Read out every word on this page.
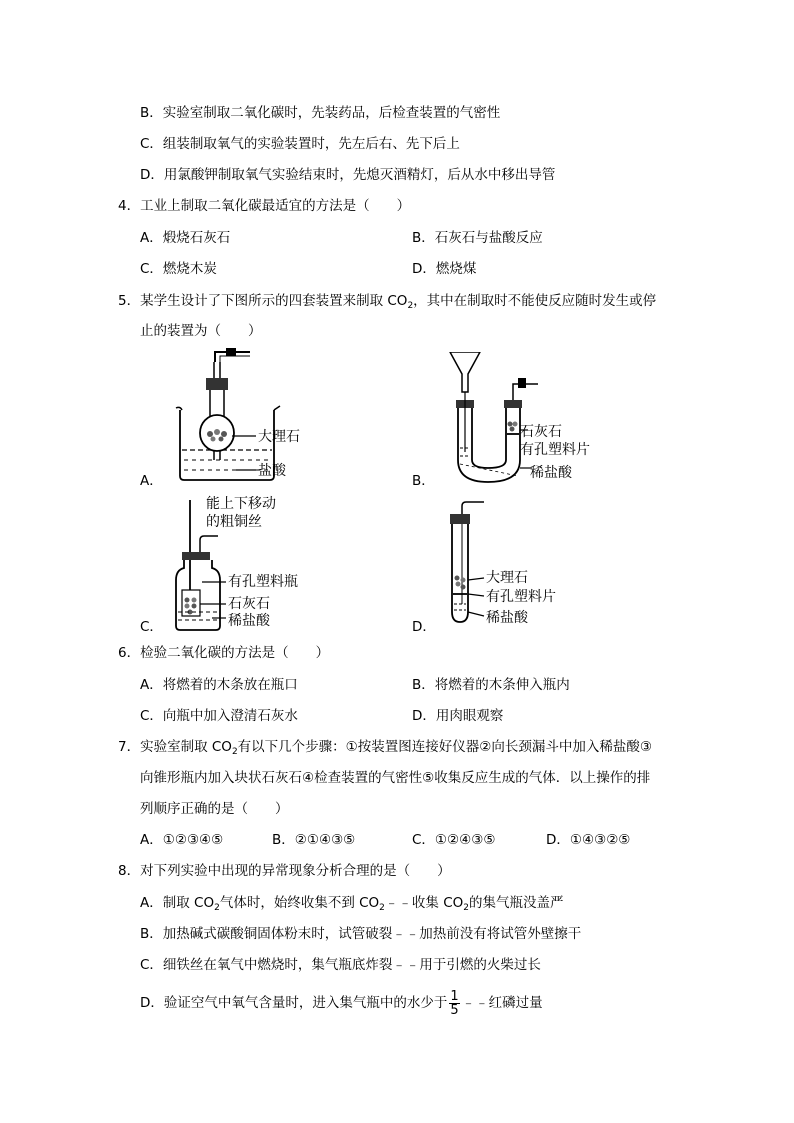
B．实验室制取二氧化碳时，先装药品，后检查装置的气密性
C．组装制取氧气的实验装置时，先左后右、先下后上
D．用氯酸钾制取氧气实验结束时，先熄灭酒精灯，后从水中移出导管
4．工业上制取二氧化碳最适宜的方法是（　　）
A．煅烧石灰石	B．石灰石与盐酸反应
C．燃烧木炭	D．燃烧煤
5．某学生设计了下图所示的四套装置来制取 $CO_2$，其中在制取时不能使反应随时发生或停
止的装置为（　　）
A．
大理石
盐酸
B．
石灰石
有孔塑料片
稀盐酸
C．
能上下移动
的粗铜丝
有孔塑料瓶
石灰石
稀盐酸	D．
大理石
有孔塑料片
稀盐酸
6．检验二氧化碳的方法是（　　）
A．将燃着的木条放在瓶口	B．将燃着的木条伸入瓶内
C．向瓶中加入澄清石灰水	D．用肉眼观察
7．实验室制取 $CO_2$有以下几个步骤：①按装置图连接好仪器②向长颈漏斗中加入稀盐酸③
向锥形瓶内加入块状石灰石④检查装置的气密性⑤收集反应生成的气体．以上操作的排
列顺序正确的是（　　）
A．①②③④⑤	B．②①④③⑤	C．①②④③⑤	D．①④③②⑤
8．对下列实验中出现的异常现象分析合理的是（　　）
A．制取 $CO_2$气体时，始终收集不到 $CO_2﹣﹣$收集 $CO_2$的集气瓶没盖严
B．加热碱式碳酸铜固体粉末时，试管破裂﹣﹣加热前没有将试管外壁擦干
C．细铁丝在氧气中燃烧时，集气瓶底炸裂﹣﹣用于引燃的火柴过长
D．验证空气中氧气含量时，进入集气瓶中的水少于 $\frac{1}{5}$ ﹣﹣红磷过量
